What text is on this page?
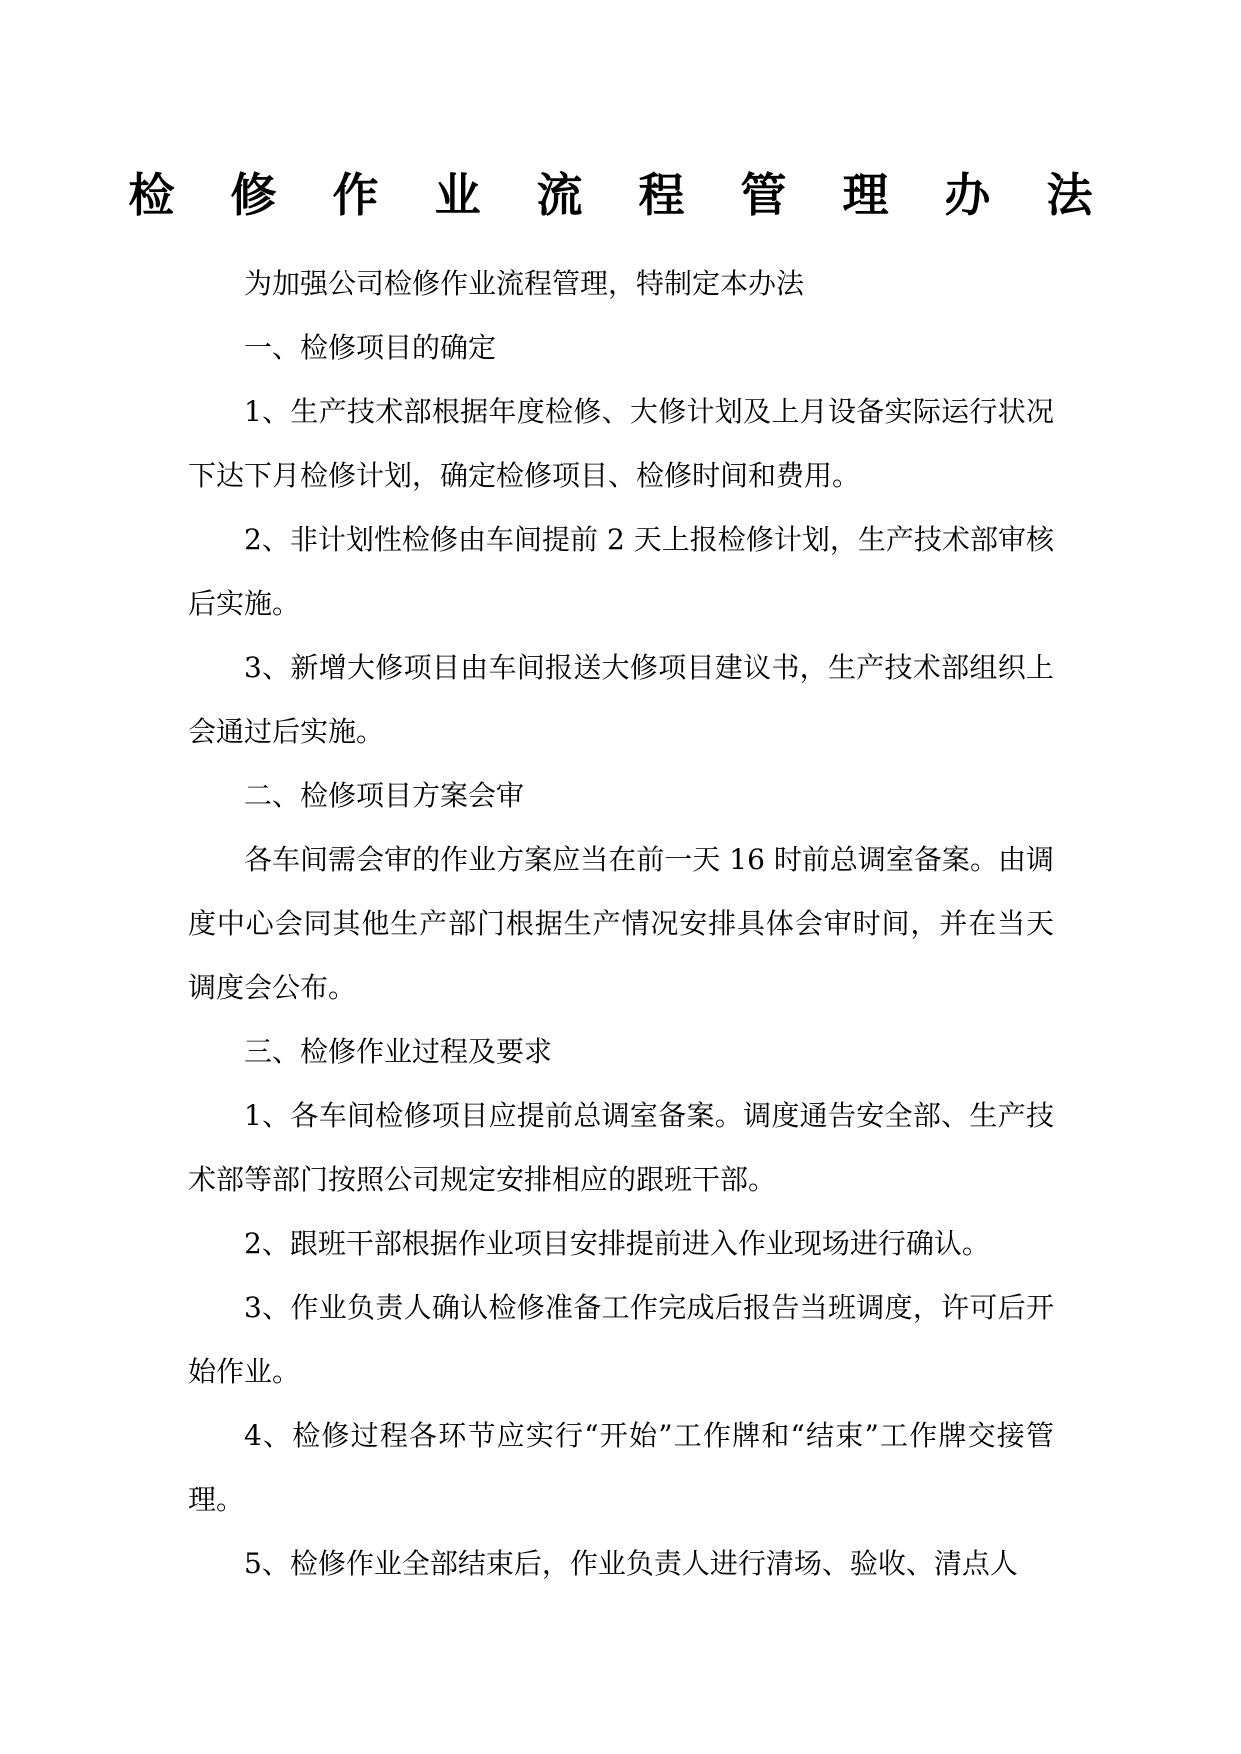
检 修 作 业 流 程 管 理 办 法

为加强公司检修作业流程管理，特制定本办法

一、检修项目的确定

1、生产技术部根据年度检修、大修计划及上月设备实际运行状况下达下月检修计划，确定检修项目、检修时间和费用。

2、非计划性检修由车间提前 2 天上报检修计划，生产技术部审核后实施。

3、新增大修项目由车间报送大修项目建议书，生产技术部组织上会通过后实施。

二、检修项目方案会审

各车间需会审的作业方案应当在前一天 16 时前总调室备案。由调度中心会同其他生产部门根据生产情况安排具体会审时间，并在当天调度会公布。

三、检修作业过程及要求

1、各车间检修项目应提前总调室备案。调度通告安全部、生产技术部等部门按照公司规定安排相应的跟班干部。

2、跟班干部根据作业项目安排提前进入作业现场进行确认。

3、作业负责人确认检修准备工作完成后报告当班调度，许可后开始作业。

4、检修过程各环节应实行“开始”工作牌和“结束”工作牌交接管理。

5、检修作业全部结束后，作业负责人进行清场、验收、清点人
